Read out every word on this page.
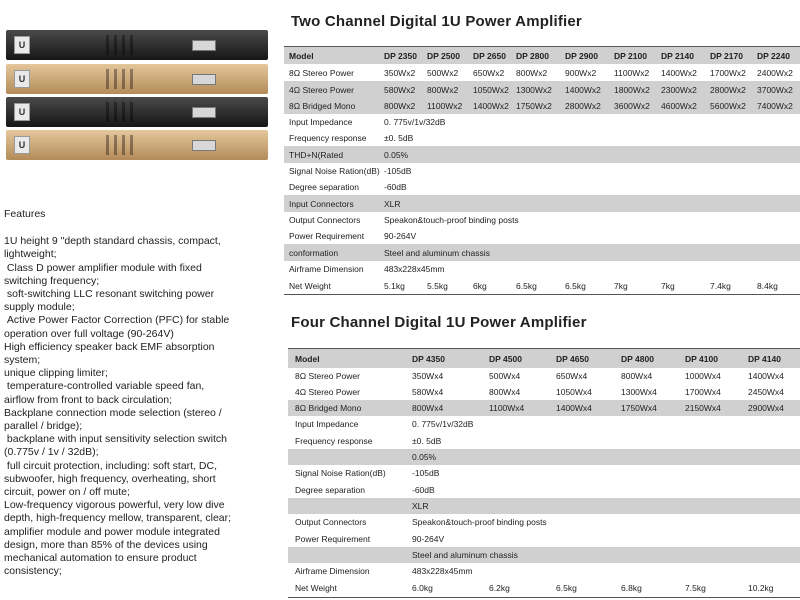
U
U
U
U
Features
1U height 9 "depth standard chassis, compact,
lightweight;
Class D power amplifier module with fixed
switching frequency;
soft-switching LLC resonant switching power
supply module;
Active Power Factor Correction (PFC) for stable
operation over full voltage (90-264V)
High efficiency speaker back EMF absorption
system;
unique clipping limiter;
temperature-controlled variable speed fan,
airflow from front to back circulation;
Backplane connection mode selection (stereo /
parallel / bridge);
backplane with input sensitivity selection switch
(0.775v / 1v / 32dB);
full circuit protection, including: soft start, DC,
subwoofer, high frequency, overheating, short
circuit, power on / off mute;
Low-frequency vigorous powerful, very low dive
depth, high-frequency mellow, transparent, clear;
amplifier module and power module integrated
design, more than 85% of the devices using
mechanical automation to ensure product
consistency;
Two Channel Digital 1U Power Amplifier
Four Channel Digital 1U Power Amplifier
Model	DP 2350 DP 2500 DP 2650 DP 2800 DP 2900 DP 2100 DP 2140 DP 2170 DP 2240
8Ω Stereo Power	350Wx2 500Wx2 650Wx2 800Wx2 900Wx2 1100Wx2 1400Wx2 1700Wx2 2400Wx2
4Ω Stereo Power	580Wx2 800Wx2 1050Wx2 1300Wx2 1400Wx2 1800Wx2 2300Wx2 2800Wx2 3700Wx2
8Ω Bridged Mono	800Wx2 1100Wx2 1400Wx2 1750Wx2 2800Wx2 3600Wx2 4600Wx2 5600Wx2 7400Wx2
Input Impedance	0. 775v/1v/32dB
Frequency response ±0. 5dB
THD+N(Rated	0.05%
Signal Noise Ration(dB) -105dB
Degree separation	-60dB
Input Connectors	XLR
Output Connectors	Speakon&touch-proof binding posts
Power Requirement 90-264V
conformation	Steel and aluminum chassis
Airframe Dimension 483x228x45mm
Net Weight	5.1kg	5.5kg	6kg	6.5kg	6.5kg	7kg	7kg	7.4kg	8.4kg
Model	DP 4350	DP 4500	DP 4650	DP 4800	DP 4100	DP 4140
8Ω Stereo Power	350Wx4	500Wx4	650Wx4	800Wx4	1000Wx4	1400Wx4
4Ω Stereo Power	580Wx4	800Wx4	1050Wx4	1300Wx4	1700Wx4	2450Wx4
8Ω Bridged Mono	800Wx4	1100Wx4	1400Wx4	1750Wx4	2150Wx4	2900Wx4
Input Impedance	0. 775v/1v/32dB
Frequency response	±0. 5dB
0.05%
Signal Noise Ration(dB)	-105dB
Degree separation	-60dB
XLR
Output Connectors	Speakon&touch-proof binding posts
Power Requirement	90-264V
Steel and aluminum chassis
Airframe Dimension	483x228x45mm
Net Weight	6.0kg	6.2kg	6.5kg	6.8kg	7.5kg	10.2kg
